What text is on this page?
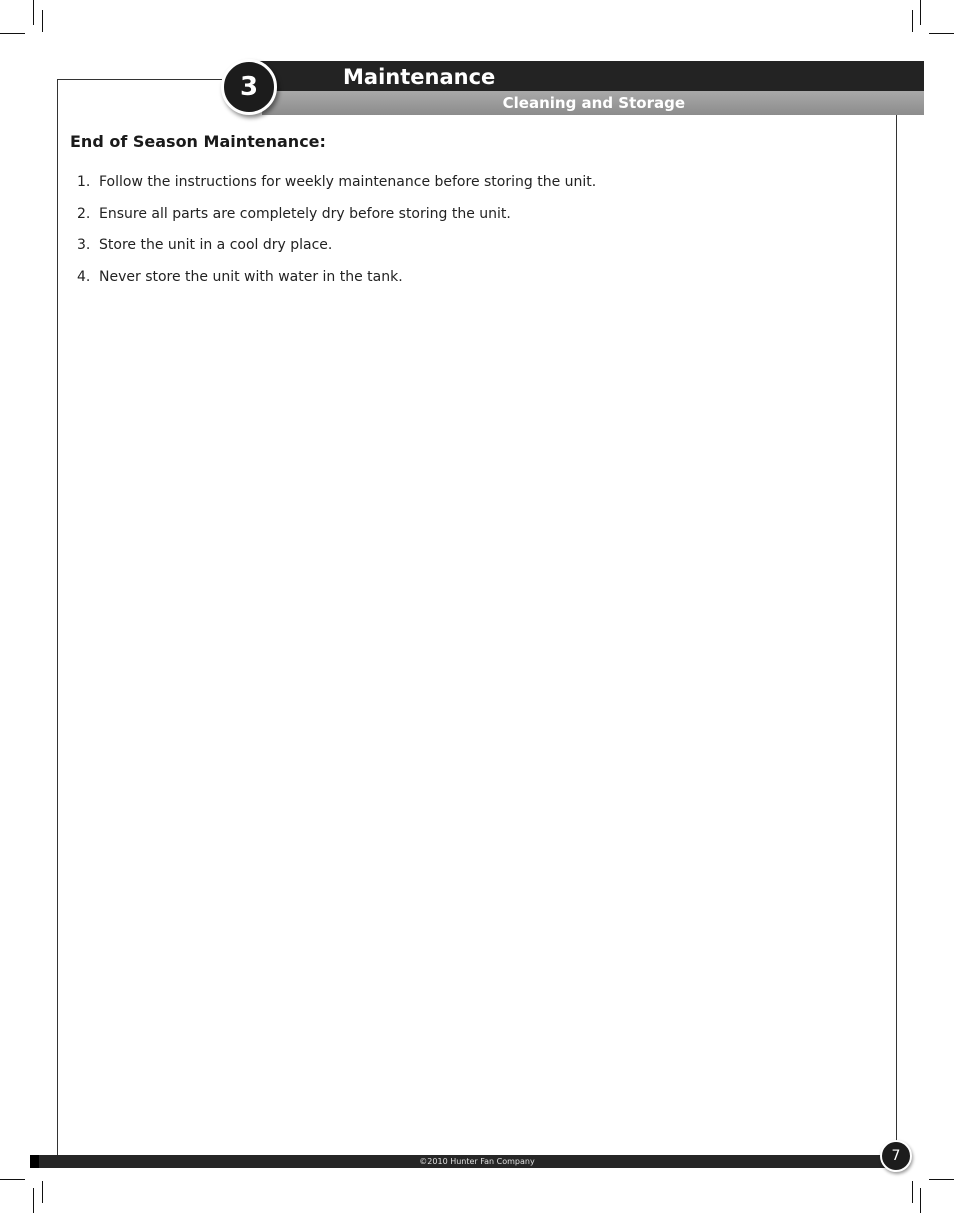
Maintenance
Cleaning and Storage
3
End of Season Maintenance:
1. Follow the instructions for weekly maintenance before storing the unit.
2. Ensure all parts are completely dry before storing the unit.
3. Store the unit in a cool dry place.
4. Never store the unit with water in the tank.
©2010 Hunter Fan Company	7
